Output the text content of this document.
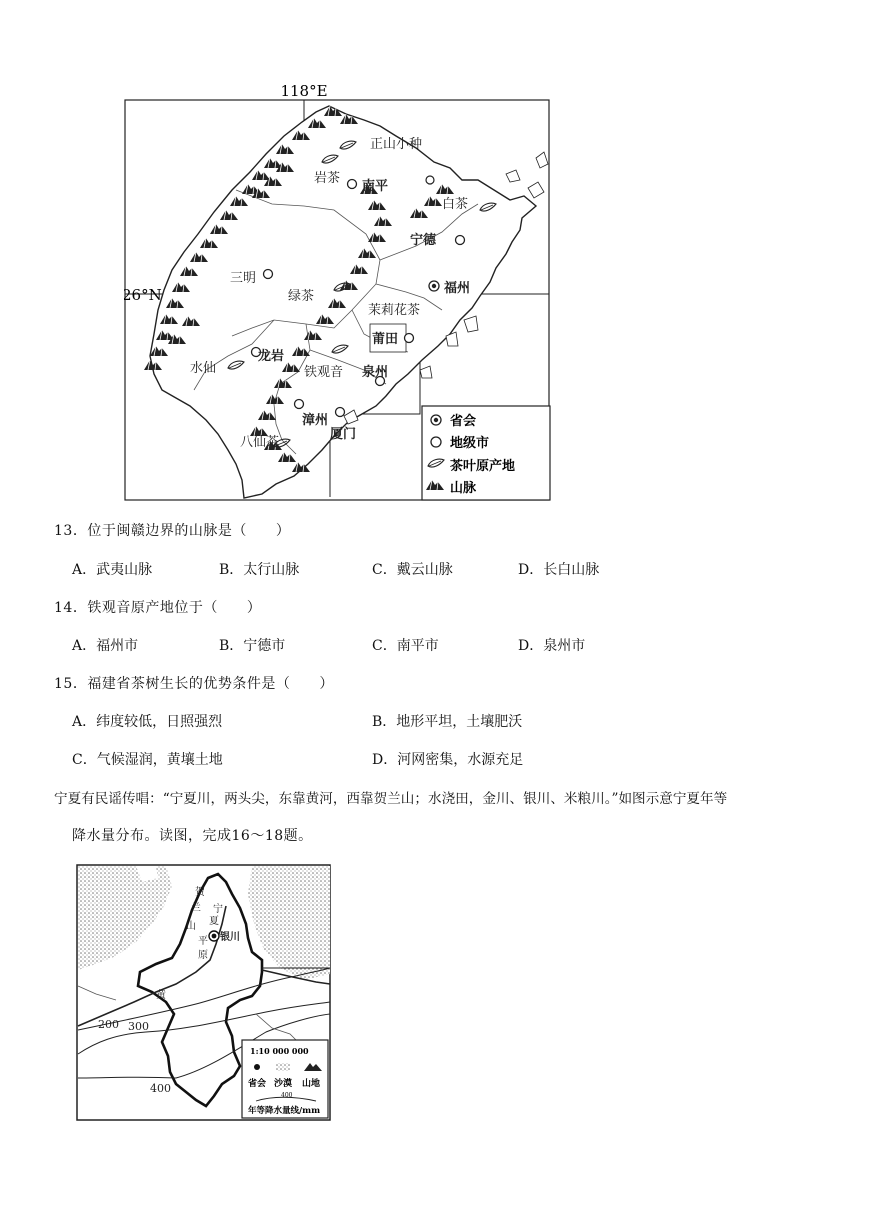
118°E
正山小种
岩茶
南平
白茶
宁德
三明
绿茶
福州
茉莉花茶
莆田
水仙
龙岩
铁观音 泉州
漳州
厦门
八仙茶
省会
地级市
茶叶原产地
山脉
26°N
13．位于闽赣边界的山脉是（　　）
A．武夷山脉	B．太行山脉	C．戴云山脉	D．长白山脉
14．铁观音原产地位于（　　）
A．福州市	B．宁德市	C．南平市	D．泉州市
15．福建省茶树生长的优势条件是（　　）
A．纬度较低，日照强烈	B．地形平坦，土壤肥沃
C．气候湿润，黄壤土地	D．河网密集，水源充足
宁夏有民谣传唱：“宁夏川，两头尖，东靠黄河，西靠贺兰山；水浇田，金川、银川、米粮川。”如图示意宁夏年等
降水量分布。读图，完成16～18题。
贺
兰
山
宁
夏
平
原
银川
黄
200 300
400
1:10 000 000
省会 沙漠 山地
400
年等降水量线/mm
